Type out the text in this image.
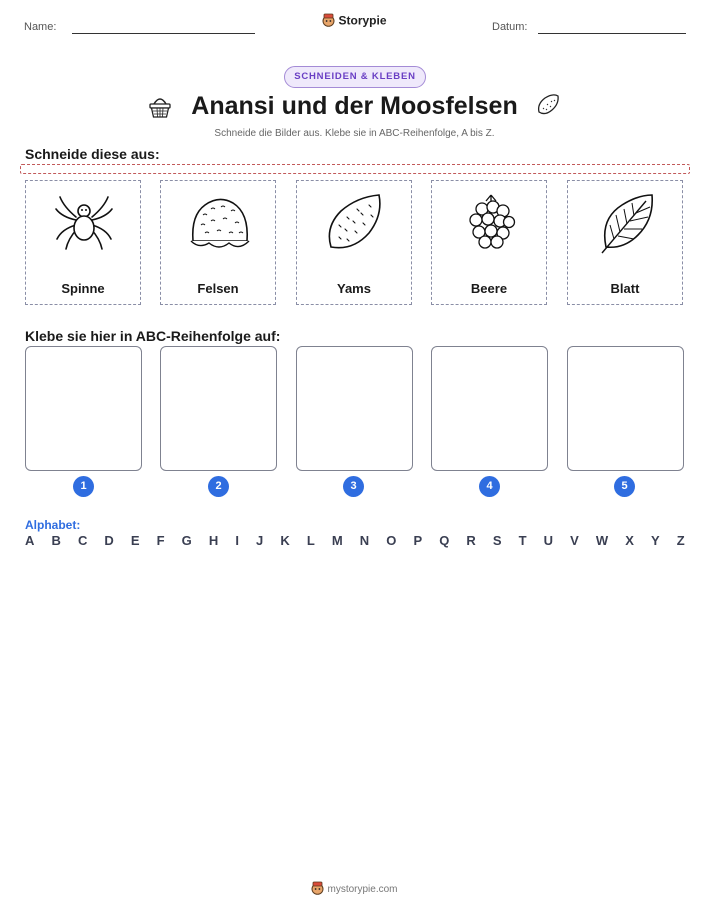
Name:	Storypie	Datum:
SCHNEIDEN & KLEBEN
Anansi und der Moosfelsen
Schneide die Bilder aus. Klebe sie in ABC-Reihenfolge, A bis Z.
Schneide diese aus:
Spinne	Felsen	Yams	Beere	Blatt
Klebe sie hier in ABC-Reihenfolge auf:
1	2	3	4	5
Alphabet:
A B C D E F G H I J K L M N O P Q R S T U V W X Y Z
mystorypie.com
